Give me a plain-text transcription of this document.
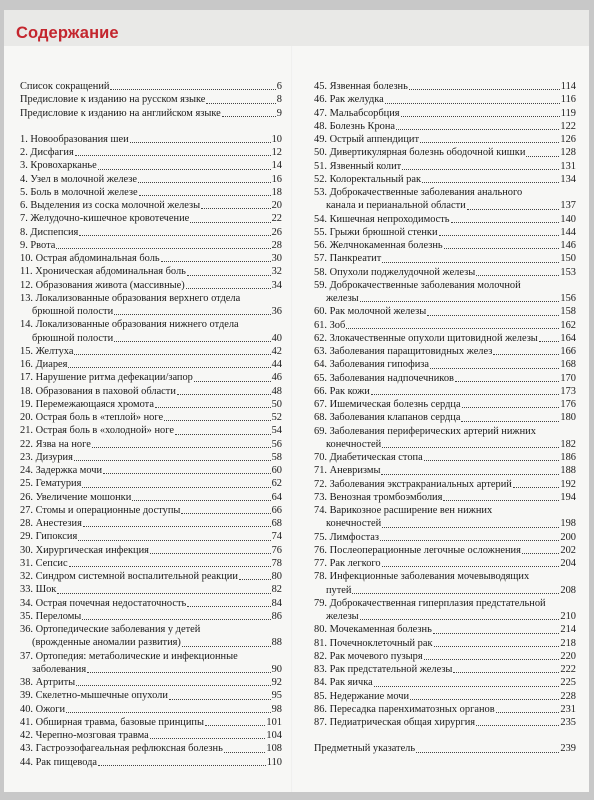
Содержание
Список сокращений	6
Предисловие к изданию на русском языке	8
Предисловие к изданию на английском языке	9
1. Новообразования шеи	10
2. Дисфагия	12
3. Кровохарканье	14
4. Узел в молочной железе	16
5. Боль в молочной железе	18
6. Выделения из соска молочной железы	20
7. Желудочно-кишечное кровотечение	22
8. Диспепсия	26
9. Рвота	28
10. Острая абдоминальная боль	30
11. Хроническая абдоминальная боль	32
12. Образования живота (массивные)	34
13. Локализованные образования верхнего отдела
брюшной полости	36
14. Локализованные образования нижнего отдела
брюшной полости	40
15. Желтуха	42
16. Диарея	44
17. Нарушение ритма дефекации/запор	46
18. Образования в паховой области	48
19. Перемежающаяся хромота	50
20. Острая боль в «теплой» ноге	52
21. Острая боль в «холодной» ноге	54
22. Язва на ноге	56
23. Дизурия	58
24. Задержка мочи	60
25. Гематурия	62
26. Увеличение мошонки	64
27. Стомы и операционные доступы	66
28. Анестезия	68
29. Гипоксия	74
30. Хирургическая инфекция	76
31. Сепсис	78
32. Синдром системной воспалительной реакции	80
33. Шок	82
34. Острая почечная недостаточность	84
35. Переломы	86
36. Ортопедические заболевания у детей
(врожденные аномалии развития)	88
37. Ортопедия: метаболические и инфекционные
заболевания	90
38. Артриты	92
39. Скелетно-мышечные опухоли	95
40. Ожоги	98
41. Обширная травма, базовые принципы	101
42. Черепно-мозговая травма	104
43. Гастроэзофагеальная рефлюксная болезнь	108
44. Рак пищевода	110
45. Язвенная болезнь	114
46. Рак желудка	116
47. Мальабсорбция	119
48. Болезнь Крона	122
49. Острый аппендицит	126
50. Дивертикулярная болезнь ободочной кишки	128
51. Язвенный колит	131
52. Колоректальный рак	134
53. Доброкачественные заболевания анального
канала и перианальной области	137
54. Кишечная непроходимость	140
55. Грыжи брюшной стенки	144
56. Желчнокаменная болезнь	146
57. Панкреатит	150
58. Опухоли поджелудочной железы	153
59. Доброкачественные заболевания молочной
железы	156
60. Рак молочной железы	158
61. Зоб	162
62. Злокачественные опухоли щитовидной железы 164
63. Заболевания паращитовидных желез	166
64. Заболевания гипофиза	168
65. Заболевания надпочечников	170
66. Рак кожи	173
67. Ишемическая болезнь сердца	176
68. Заболевания клапанов сердца	180
69. Заболевания периферических артерий нижних
конечностей	182
70. Диабетическая стопа	186
71. Аневризмы	188
72. Заболевания экстракраниальных артерий	192
73. Венозная тромбоэмболия	194
74. Варикозное расширение вен нижних
конечностей	198
75. Лимфостаз	200
76. Послеоперационные легочные осложнения	202
77. Рак легкого	204
78. Инфекционные заболевания мочевыводящих
путей	208
79. Доброкачественная гиперплазия предстательной
железы	210
80. Мочекаменная болезнь	214
81. Почечноклеточный рак	218
82. Рак мочевого пузыря	220
83. Рак предстательной железы	222
84. Рак яичка	225
85. Недержание мочи	228
86. Пересадка паренхиматозных органов	231
87. Педиатрическая общая хирургия	235
Предметный указатель	239
